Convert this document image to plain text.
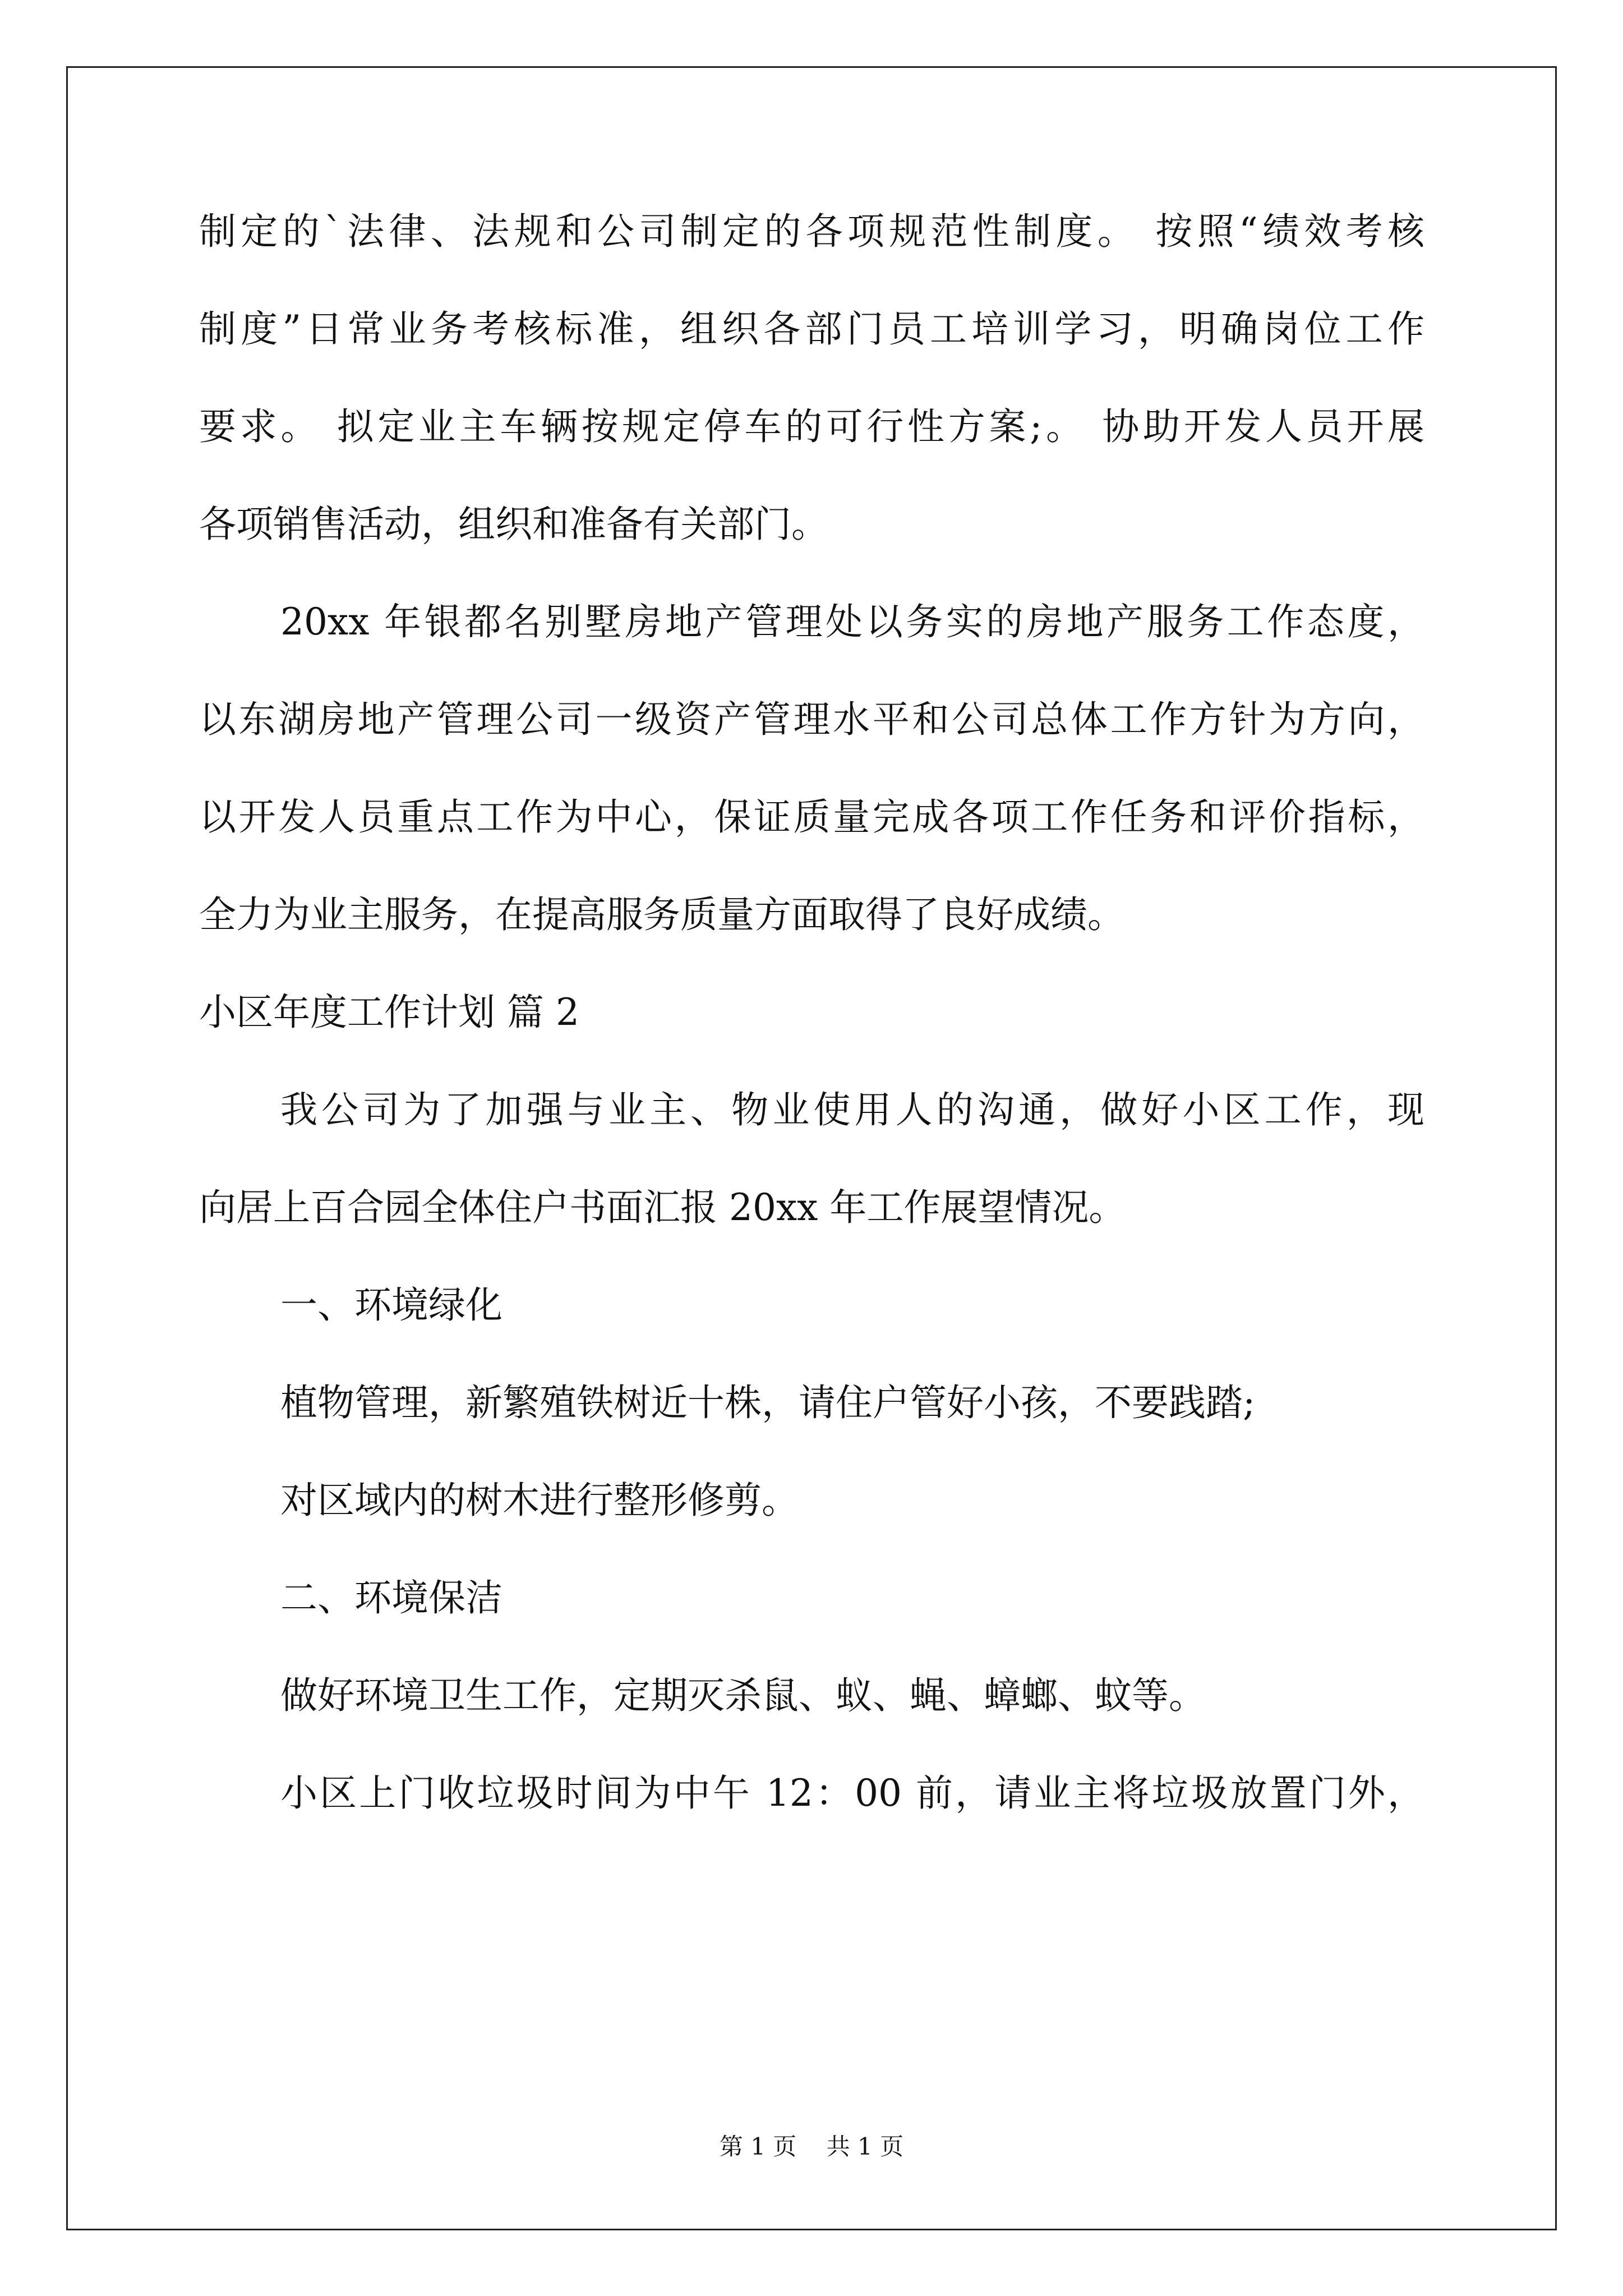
制定的`法律、法规和公司制定的各项规范性制度。 按照“绩效考核
制度”日常业务考核标准，组织各部门员工培训学习，明确岗位工作
要求。 拟定业主车辆按规定停车的可行性方案;。 协助开发人员开展
各项销售活动，组织和准备有关部门。
20xx 年银都名别墅房地产管理处以务实的房地产服务工作态度，
以东湖房地产管理公司一级资产管理水平和公司总体工作方针为方向，
以开发人员重点工作为中心，保证质量完成各项工作任务和评价指标，
全力为业主服务，在提高服务质量方面取得了良好成绩。
小区年度工作计划 篇 2
我公司为了加强与业主、物业使用人的沟通，做好小区工作，现
向居上百合园全体住户书面汇报 20xx 年工作展望情况。
一、环境绿化
植物管理，新繁殖铁树近十株，请住户管好小孩，不要践踏;
对区域内的树木进行整形修剪。
二、环境保洁
做好环境卫生工作，定期灭杀鼠、蚁、蝇、蟑螂、蚊等。
小区上门收垃圾时间为中午 12：00 前，请业主将垃圾放置门外，
第 1 页    共 1 页
